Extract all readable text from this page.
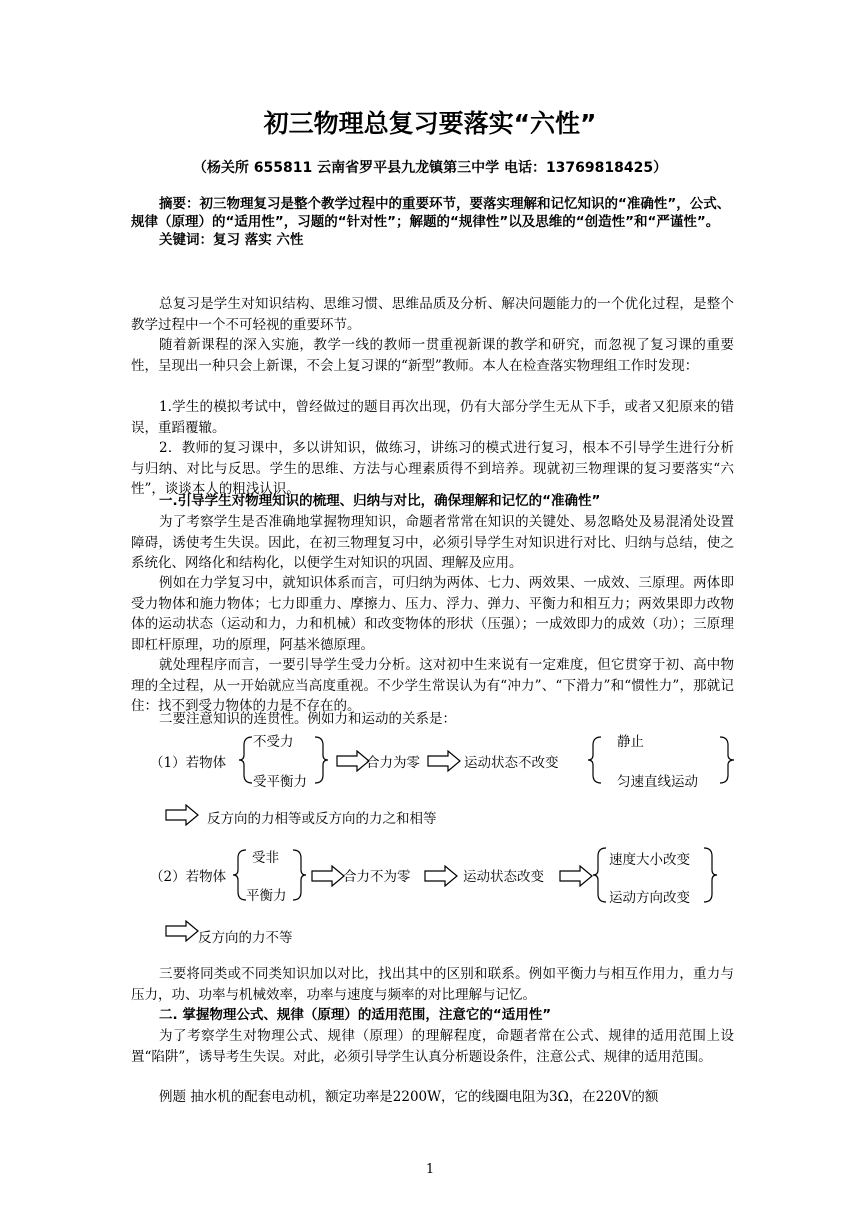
初三物理总复习要落实“六性”
（杨关所 655811 云南省罗平县九龙镇第三中学 电话：13769818425）
摘要：初三物理复习是整个教学过程中的重要环节，要落实理解和记忆知识的“准确性”，公式、规律（原理）的“适用性”，习题的“针对性”；解题的“规律性”以及思维的“创造性”和“严谨性”。
关键词：复习 落实 六性

总复习是学生对知识结构、思维习惯、思维品质及分析、解决问题能力的一个优化过程，是整个教学过程中一个不可轻视的重要环节。

随着新课程的深入实施，教学一线的教师一贯重视新课的教学和研究，而忽视了复习课的重要性，呈现出一种只会上新课，不会上复习课的“新型”教师。本人在检查落实物理组工作时发现：

1.学生的模拟考试中，曾经做过的题目再次出现，仍有大部分学生无从下手，或者又犯原来的错误，重蹈覆辙。

2．教师的复习课中，多以讲知识，做练习，讲练习的模式进行复习，根本不引导学生进行分析与归纳、对比与反思。学生的思维、方法与心理素质得不到培养。现就初三物理课的复习要落实“六性”，谈谈本人的粗浅认识。

一.引导学生对物理知识的梳理、归纳与对比，确保理解和记忆的“准确性”

为了考察学生是否准确地掌握物理知识，命题者常常在知识的关键处、易忽略处及易混淆处设置障碍，诱使考生失误。因此，在初三物理复习中，必须引导学生对知识进行对比、归纳与总结，使之系统化、网络化和结构化，以便学生对知识的巩固、理解及应用。

例如在力学复习中，就知识体系而言，可归纳为两体、七力、两效果、一成效、三原理。两体即受力物体和施力物体；七力即重力、摩擦力、压力、浮力、弹力、平衡力和相互力；两效果即力改物体的运动状态（运动和力，力和机械）和改变物体的形状（压强）；一成效即力的成效（功）；三原理即杠杆原理，功的原理，阿基米德原理。

就处理程序而言，一要引导学生受力分析。这对初中生来说有一定难度，但它贯穿于初、高中物理的全过程，从一开始就应当高度重视。不少学生常误认为有“冲力”、“下滑力”和“惯性力”，那就记住：找不到受力物体的力是不存在的。

二要注意知识的连贯性。例如力和运动的关系是：

（1）若物体
不受力
受平衡力
合力为零	运动状态不改变
静止
匀速直线运动
反方向的力相等或反方向的力之和相等
（2）若物体
受非
平衡力
合力不为零	运动状态改变
速度大小改变
运动方向改变
反方向的力不等

三要将同类或不同类知识加以对比，找出其中的区别和联系。例如平衡力与相互作用力，重力与压力，功、功率与机械效率，功率与速度与频率的对比理解与记忆。

二. 掌握物理公式、规律（原理）的适用范围，注意它的“适用性”

为了考察学生对物理公式、规律（原理）的理解程度，命题者常在公式、规律的适用范围上设置“陷阱”，诱导考生失误。对此，必须引导学生认真分析题设条件，注意公式、规律的适用范围。

例题 抽水机的配套电动机，额定功率是2200W，它的线圈电阻为3Ω，在220V的额

1
